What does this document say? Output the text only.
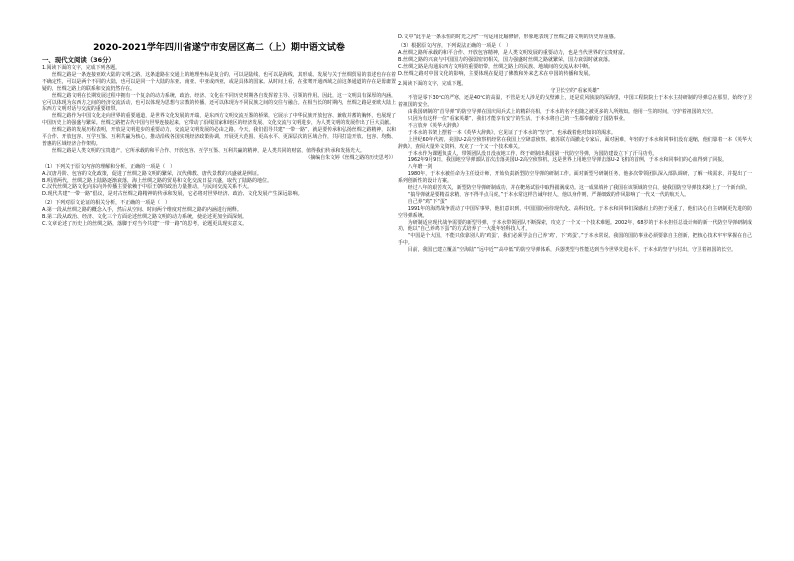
2020-2021学年四川省遂宁市安居区高二（上）期中语文试卷
一、现代文阅读（36分）

1.阅读下面的文字，完成下列各题。

丝绸之路是一条连接亚欧大陆的文明之路，这条道路在交通上的地理坐标是复合的，可以是陆线，也可以是海线，其形成、发展与关于丝绸贸易的表述也存在着不确定性，可以是两个不同的大陆，也可以是同一个大陆的东亚、南亚、中亚或西亚，或是具体的国家。从时间上看，在张骞开通西域之前这条通道的存在是毋庸置疑的，丝绸之路上的联系和交流仍然存在。

丝绸之路文明在长期发展过程中拥有一个复杂的动力系统，政治、经济、文化在不同历史时期各自发挥着主导、引领的作用。因此，这一文明具有深厚的内涵，它可以体现为东西方之间的经济交流活动，也可以体现为思想与宗教的传播，还可以体现为不同民族之间的交往与融合。在相当长的时期内，丝绸之路是亚欧大陆上东西方文明对话与交流的重要纽带。

丝绸之路作为中国文化走向世界的重要通道，是世界文化发展的开端，是东西方文明交流互鉴的桥梁，它展示了中华民族开放包容、兼收并蓄的胸怀，也展现了中国历史上的强盛与繁荣。丝绸之路把古代中国与世界连接起来，它带动了沿线国家和地区的经济发展、文化交流与文明进步，为人类文明的发展作出了巨大贡献。

丝绸之路的发展历程表明，开放是文明进步的重要动力，交流是文明发展的必由之路。今天，我们倡导共建“一带一路”，就是要传承和弘扬丝绸之路精神，以和平合作、开放包容、互学互鉴、互利共赢为核心，推动沿线各国实现经济政策协调，开展更大范围、更高水平、更深层次的区域合作，共同打造开放、包容、均衡、普惠的区域经济合作架构。

丝绸之路是人类文明的宝贵遗产，它所承载的和平合作、开放包容、互学互鉴、互利共赢的精神，是人类共同的财富，值得我们传承和发扬光大。

（摘编自朱文婷《丝绸之路的历史思考》）

（1）下列关于原文内容的理解和分析，正确的一项是（　）

A.汉唐丹阶、包容的文化政策，促进了丝绸之路文明的繁荣，汉代佛教、唐代景教的兴盛就是例证。

B.明清两代，丝绸之路上陆路逐渐衰落，海上丝绸之路的贸易和文化交流日益兴盛，取代了陆路的地位。

C.汉代丝绸之路文化向东向外传播主要依赖于中原王朝的政治力量推动，与民间交流关系不大。

D.现代共建“一带一路”倡议，是对古丝绸之路精神的传承和发展，它必将对世界经济、政治、文化发展产生深远影响。

（2）下列对原文论证的相关分析，不正确的一项是（　）

A.第一段从丝绸之路的概念入手，然后从空间、时间两个维度对丝绸之路的内涵进行阐释。

B.第二段从政治、经济、文化三个方面论述丝绸之路文明的动力系统，使论述更加全面深刻。

C.文章论述了历史上的丝绸之路，落脚于对当今共建“一带一路”的思考，论题更具现实意义。

D.文中“此乎是一条永恒的时光之河”一句运用比喻修辞，形象地表现了丝绸之路文明的历史厚重感。

（3）根据原文内容，下列说法正确的一项是（　）

A.丝绸之路所承载的和平合作、开放包容精神，是人类文明发展的重要动力，也是当代世界的宝贵财富。

B.丝绸之路的兴衰与中国国力的强弱密切相关，国力强盛时丝绸之路就繁荣，国力衰弱时就衰落。

C.丝绸之路是沟通东西方文明的重要纽带，丝绸之路上的民族、地域间的交流从未中断。

D.丝绸之路对中国文化的影响，主要体现在促进了佛教和外来艺术在中国的传播和发展。

2.阅读下面的文字，完成下题。

守卫长空的“看家英雄”

不管是零下30℃的严寒，还是40℃的高温，不管是无人涉足的戈壁滩上，还是荒风骇浪的深海里，中国工程院院士于本水主持研制的导弹总在那里，始终守卫着祖国的安全。

由我国研制的“首导弹”的防空导弹在国庆阅兵式上的精彩亮相，于本水的名字也随之被更多的人所熟知。他用一生的时间，守护着祖国的天空。

只因为有这样一位“看家英雄”，我们才能享有安宁的生活，于本水将自己的一生都奉献给了国防事业。

不言放弃《英华大辞典》

于本水的书架上摆着一本《英华大辞典》，它见证了于本水的“坚守”，也承载着他对知识的渴求。

上世纪60年代初，美国U-2高空侦察机经常在我国上空肆意侦察。被苏联方面撤走专家后，面对困难，年轻的于本水和同事们没有退缩，他们靠着一本《英华大辞典》，查阅大量外文资料，攻克了一个又一个技术难关。

于本水作为课题负责人，带领团队没日没夜地工作，终于研制出我国第一代防空导弹，为国防建设立下了汗马功劳。

1962年9月9日，我国地空导弹部队首次击落美国U-2高空侦察机，这是世界上用地空导弹击落U-2飞机的首例，于本水和同事们的心血得到了回报。

八年磨一剑

1980年，于本水被任命为主任设计师，开始负责新型防空导弹的研制工作。面对新型号研制任务，他多次带领团队深入部队调研，了解一线需求，并提出了一系列创新性的设计方案。

经过八年的艰苦攻关，新型防空导弹研制成功，并在靶场试验中取得圆满成功。这一成果填补了我国在该领域的空白，使我国防空导弹技术跨上了一个新台阶。

“搞导弹就是要精益求精，容不得半点马虎。”于本水常这样告诫年轻人，他以身作则，严谨细致的作风影响了一代又一代的航天人。

自己养“鸡”下“蛋”

1991年的海湾战争震动了中国军事界，他们意识到，中国国防亟待现代化、高科技化。于本水和同事们深感肩上的担子更重了，他们决心自主研制更先进的防空导弹系统。

为研制适应现代战争需要的新型导弹，于本水带领团队不断探索，攻克了一个又一个技术难题。2002年，68岁的于本水担任总设计师的新一代防空导弹研制成功，他以“自己养鸡下蛋”的方式培养了一大批年轻科技人才。

“中国是个大国，不能只依靠别人的‘鸡蛋’，我们必须学会自己养‘鸡’，下‘鸡蛋’。”于本水常说，我国的国防事业必须要靠自主创新，把核心技术牢牢掌握在自己手中。

目前，我国已建立覆盖“空海陆”“远中近”“高中低”的防空导弹体系，兵器类型与性能达到当今世界先进水平，于本水的坚守与付出，守卫着祖国的长空。
